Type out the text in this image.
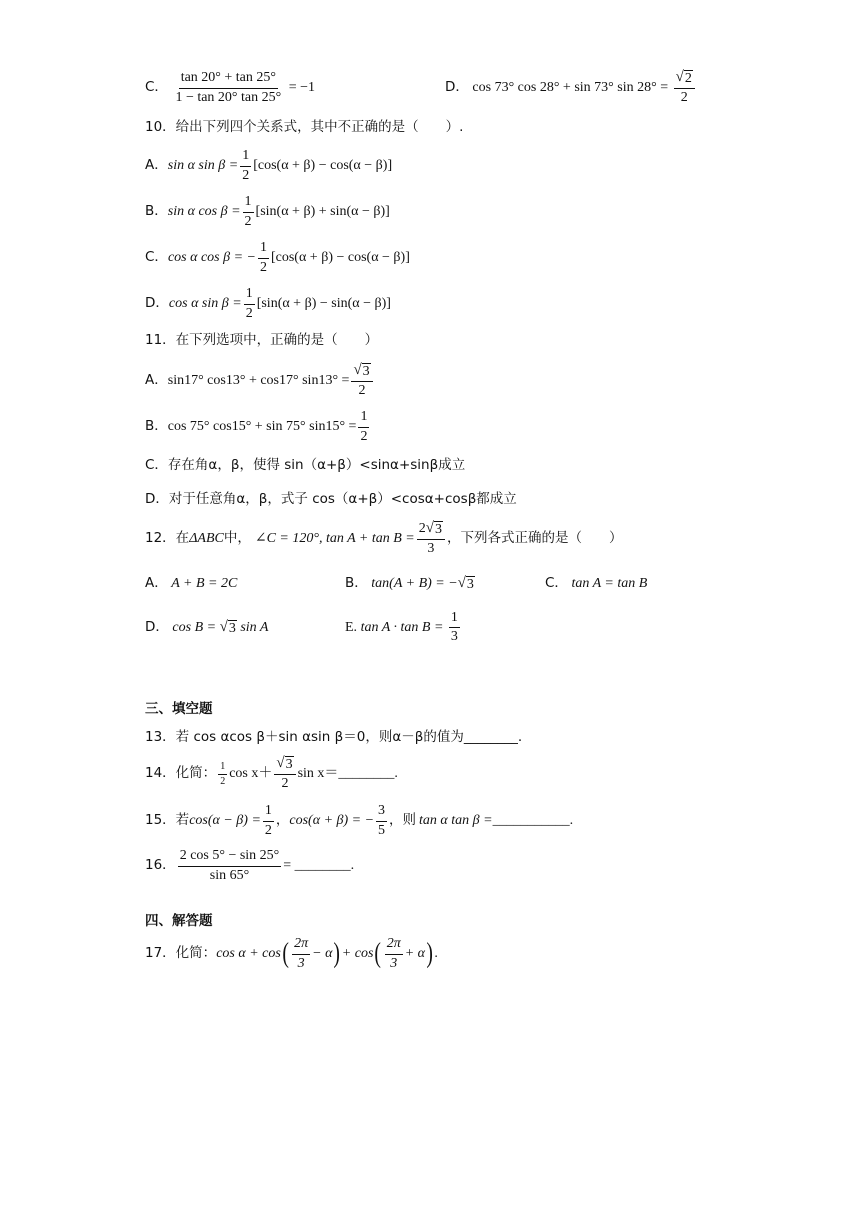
C． $\frac{\tan 20^\circ + \tan 25^\circ}{1 - \tan 20^\circ \tan 25^\circ} = -1$	D． cos 73° cos 28° + sin 73° $\sin 28^\circ = \frac{√ 2}{2}$
10．给出下列四个关系式，其中不正确的是（　　）.
A． sin α $\sin \beta = \frac{1}{2} [\cos(\alpha + \beta) - \cos(\alpha - \beta)]$
B． sin α $\cos \beta = \frac{1}{2} [\sin(\alpha + \beta) + \sin(\alpha - \beta)]$
C． cos α cos β = − $\frac{1}{2} [\cos(\alpha + \beta) - \cos(\alpha - \beta)]$
D． cos α $\sin \beta = \frac{1}{2} [\sin(\alpha + \beta) - \sin(\alpha - \beta)]$
11．在下列选项中，正确的是（　　）
A． sin17° cos13° + cos17° $\sin 13^\circ = \frac{√ 3}{2}$
B． cos 75° cos15° + sin 75° $\sin 15^\circ = \frac{1}{2}$
C．存在角α，β，使得 sin（α+β）<sinα+sinβ成立
D．对于任意角α，β，式子 cos（α+β）<cosα+cosβ都成立
12．在 ΔABC 中， ∠C = 120°, $\tan A + \tan B = \frac{2 √ 3}{3}$ ，下列各式正确的是（　　）
A． A + B = 2C	B． tan(A + B) = − √ 3	C． tan A = tan B
D． cos B = √ 3 sin A	E. $\tan A \cdot \tan B = \frac{1}{3}$
三、填空题
13．若 cos αcos β＋sin αsin β＝0，则α－β的值为________.
14．化简： $\frac{1}{2}$ $\cos x+ \frac{√ 3}{2}$ sin x＝________.
15．若 $\cos(\alpha - \beta) = \frac{1}{2}$ ， cos(α + β) = − $\frac{3}{5}$ ，则 tan α tan β = ___________.
16． $\frac{2 \cos 5^\circ - \sin 25^\circ}{\sin 65^\circ}$ = ________.
四、解答题
17．化简： cos α + cos ( $\frac{2\pi}{3} - \alpha$ ) + cos ( $\frac{2\pi}{3} + \alpha$ ) .
